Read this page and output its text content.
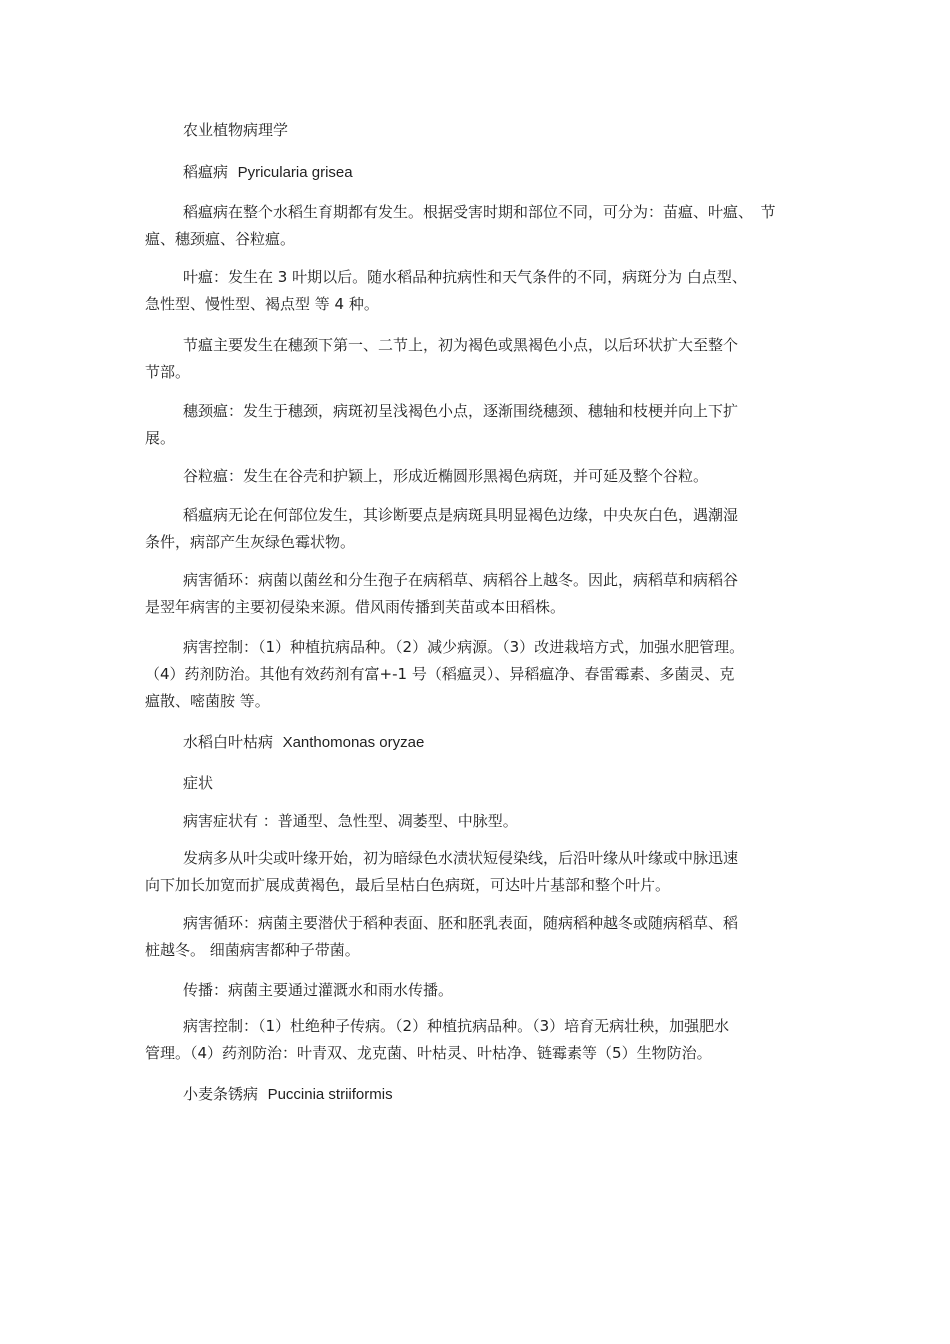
农业植物病理学

稻瘟病 Pyricularia grisea

稻瘟病在整个水稻生育期都有发生。根据受害时期和部位不同，可分为：苗瘟、叶瘟、　节
瘟、穗颈瘟、谷粒瘟。

叶瘟：发生在 3 叶期以后。随水稻品种抗病性和天气条件的不同，病斑分为 白点型、
急性型、慢性型、褐点型 等 4 种。

节瘟主要发生在穗颈下第一、二节上，初为褐色或黑褐色小点，以后环状扩大至整个
节部。

穗颈瘟：发生于穗颈，病斑初呈浅褐色小点，逐渐围绕穗颈、穗轴和枝梗并向上下扩
展。

谷粒瘟：发生在谷壳和护颖上，形成近椭圆形黑褐色病斑，并可延及整个谷粒。

稻瘟病无论在何部位发生，其诊断要点是病斑具明显褐色边缘，中央灰白色，遇潮湿
条件，病部产生灰绿色霉状物。

病害循环：病菌以菌丝和分生孢子在病稻草、病稻谷上越冬。因此，病稻草和病稻谷
是翌年病害的主要初侵染来源。借风雨传播到芙苗或本田稻株。

病害控制：（1）种植抗病品种。（2）减少病源。（3）改进栽培方式，加强水肥管理。
（4）药剂防治。其他有效药剂有富+-1 号（稻瘟灵）、异稻瘟净、春雷霉素、多菌灵、克
瘟散、嘧菌胺 等。

水稻白叶枯病 Xanthomonas oryzae

症状

病害症状有 ：普通型、急性型、凋萎型、中脉型。

发病多从叶尖或叶缘开始，初为暗绿色水渍状短侵染线，后沿叶缘从叶缘或中脉迅速
向下加长加宽而扩展成黄褐色，最后呈枯白色病斑，可达叶片基部和整个叶片。

病害循环：病菌主要潜伏于稻种表面、胚和胚乳表面，随病稻种越冬或随病稻草、稻
桩越冬。 细菌病害都种子带菌。

传播：病菌主要通过灌溉水和雨水传播。

病害控制：（1）杜绝种子传病。（2）种植抗病品种。（3）培育无病壮秧，加强肥水
管理。（4）药剂防治：叶青双、龙克菌、叶枯灵、叶枯净、链霉素等（5）生物防治。

小麦条锈病 Puccinia striiformis
